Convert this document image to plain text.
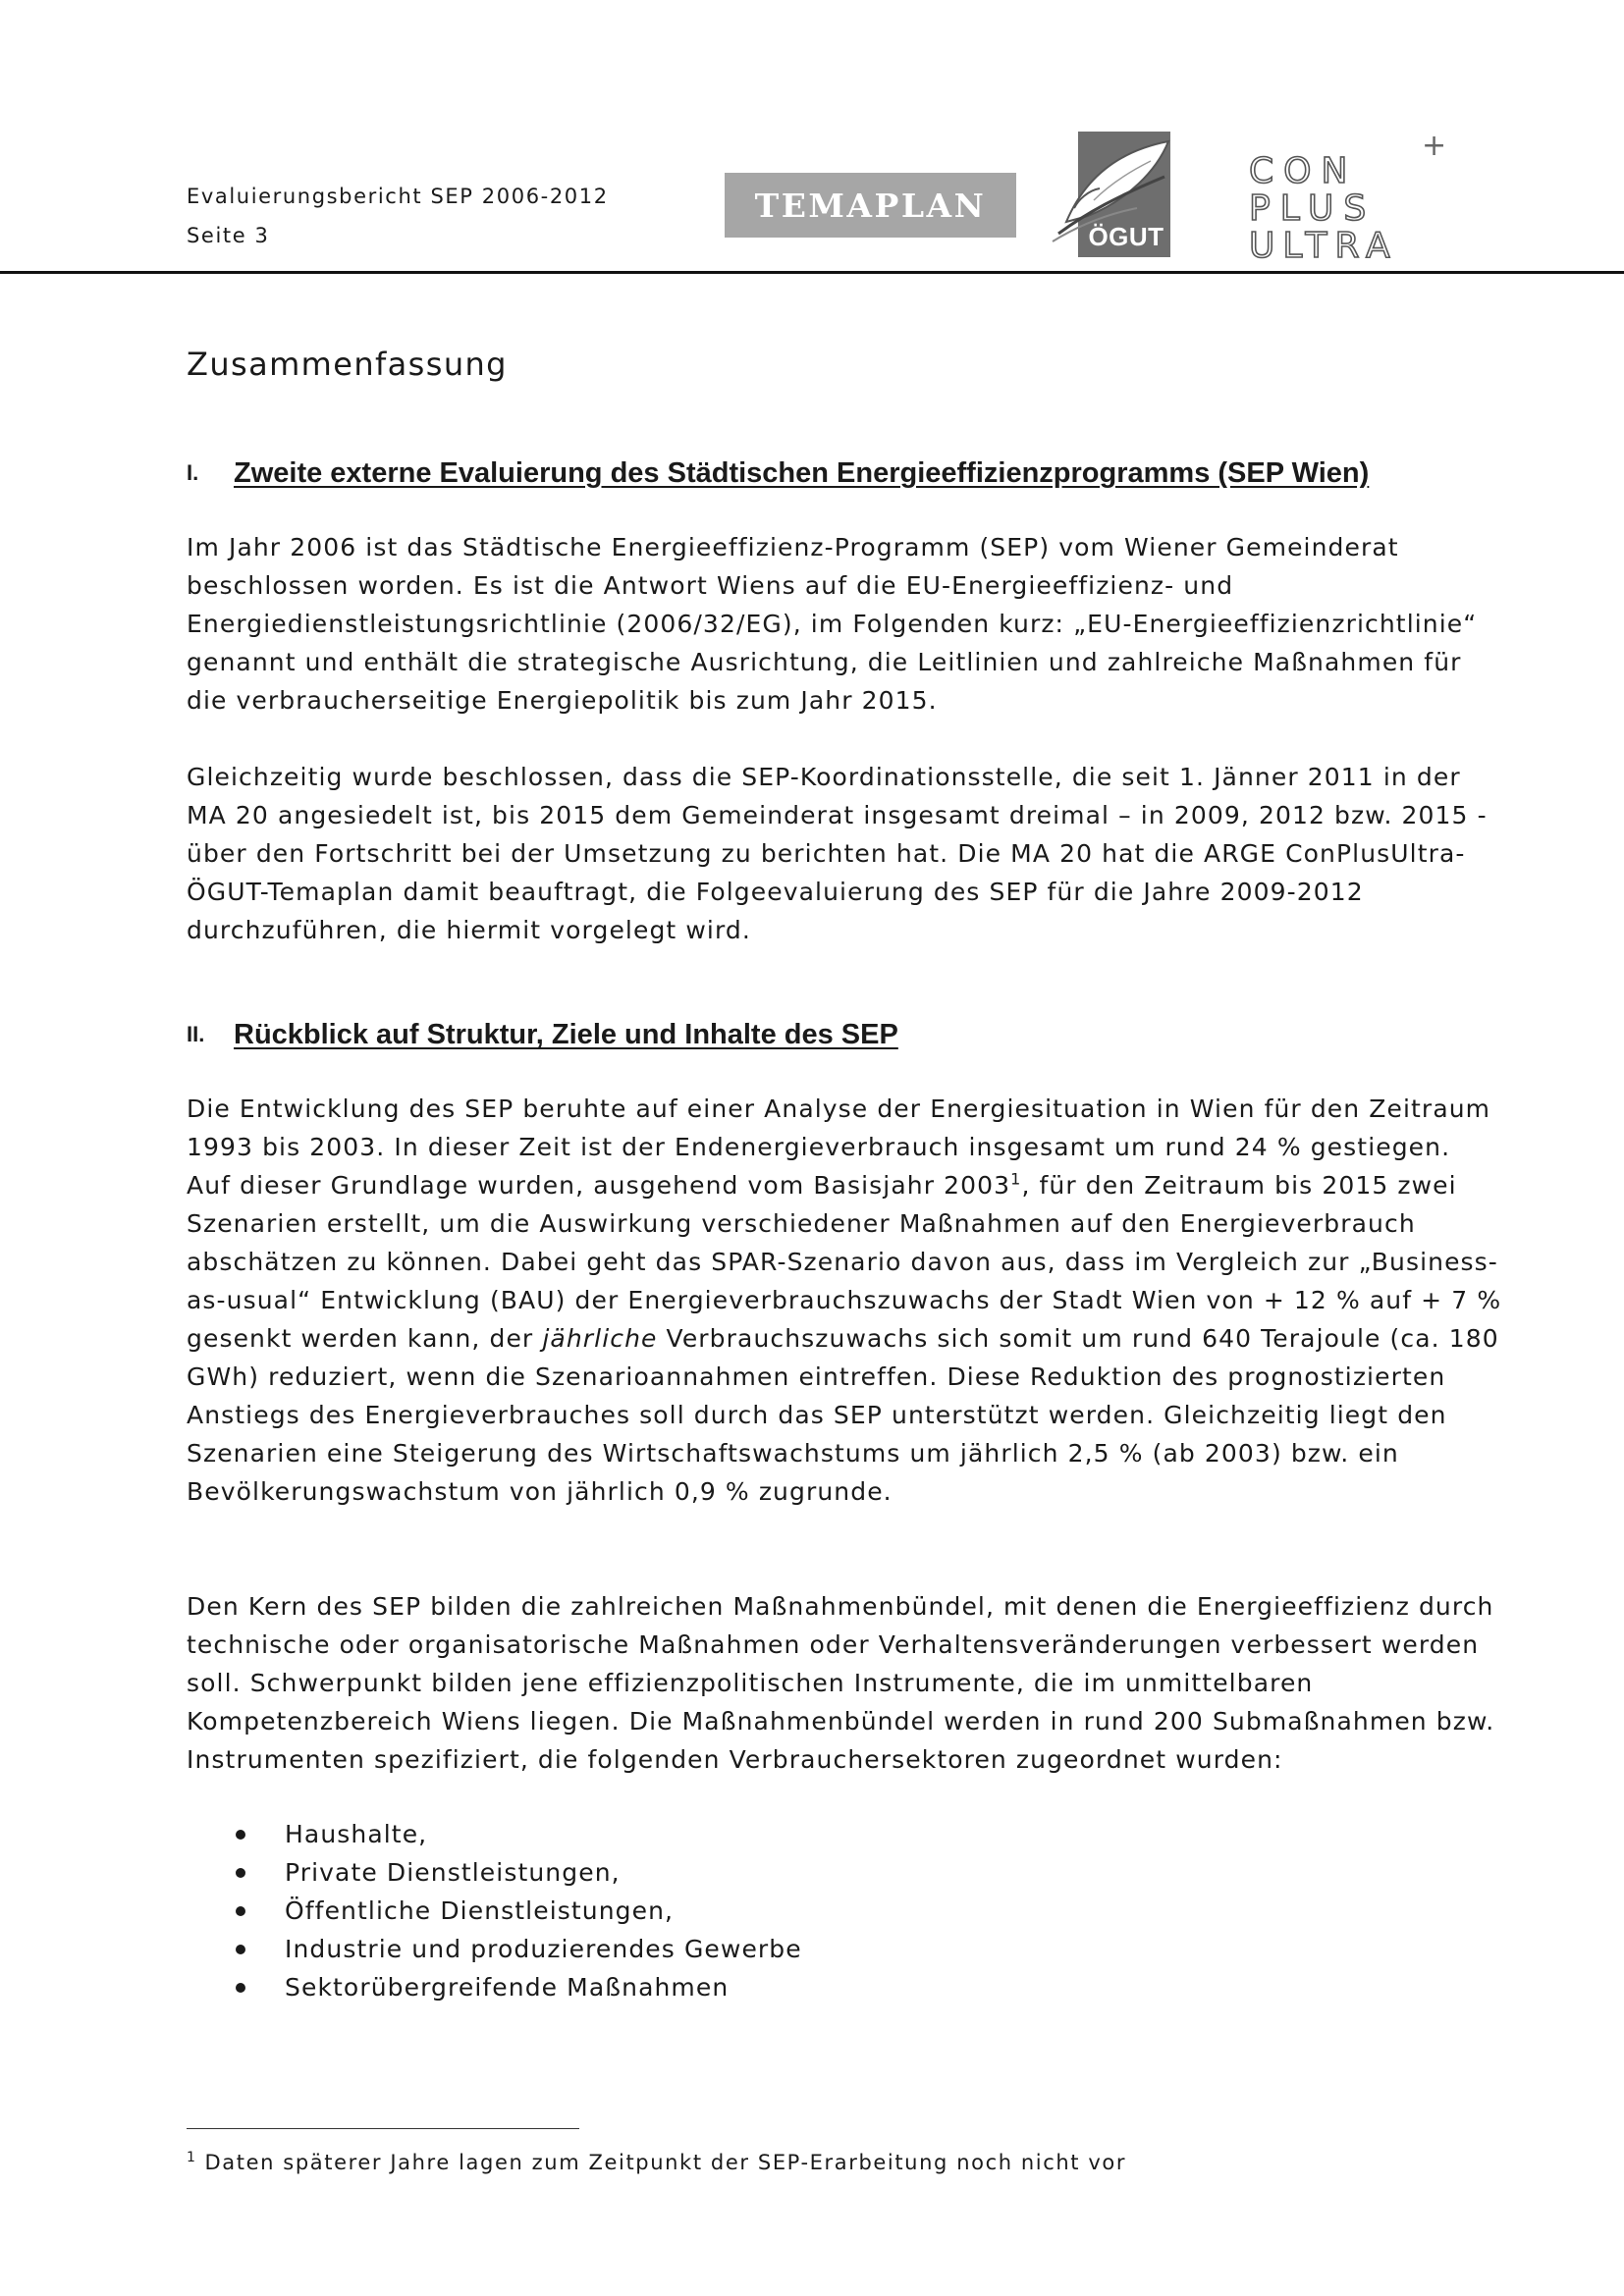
Evaluierungsbericht SEP 2006-2012
Seite 3
TEMAPLAN
ÖGUT
+
CON
PLUS
ULTRA
Zusammenfassung
I. Zweite externe Evaluierung des Städtischen Energieeffizienzprogramms (SEP Wien)

Im Jahr 2006 ist das Städtische Energieeffizienz-Programm (SEP) vom Wiener Gemeinderat beschlossen worden. Es ist die Antwort Wiens auf die EU-Energieeffizienz- und Energiedienstleistungsrichtlinie (2006/32/EG), im Folgenden kurz: „EU-Energieeffizienzrichtlinie“ genannt und enthält die strategische Ausrichtung, die Leitlinien und zahlreiche Maßnahmen für die verbraucherseitige Energiepolitik bis zum Jahr 2015.

Gleichzeitig wurde beschlossen, dass die SEP-Koordinationsstelle, die seit 1. Jänner 2011 in der MA 20 angesiedelt ist, bis 2015 dem Gemeinderat insgesamt dreimal – in 2009, 2012 bzw. 2015 - über den Fortschritt bei der Umsetzung zu berichten hat. Die MA 20 hat die ARGE ConPlusUltra-ÖGUT-Temaplan damit beauftragt, die Folgeevaluierung des SEP für die Jahre 2009-2012 durchzuführen, die hiermit vorgelegt wird.

II. Rückblick auf Struktur, Ziele und Inhalte des SEP

Die Entwicklung des SEP beruhte auf einer Analyse der Energiesituation in Wien für den Zeitraum 1993 bis 2003. In dieser Zeit ist der Endenergieverbrauch insgesamt um rund 24 % gestiegen. Auf dieser Grundlage wurden, ausgehend vom Basisjahr 2003$^1$, für den Zeitraum bis 2015 zwei Szenarien erstellt, um die Auswirkung verschiedener Maßnahmen auf den Energieverbrauch abschätzen zu können. Dabei geht das SPAR-Szenario davon aus, dass im Vergleich zur „Business-as-usual“ Entwicklung (BAU) der Energieverbrauchszuwachs der Stadt Wien von + 12 % auf + 7 % gesenkt werden kann, der jährliche Verbrauchszuwachs sich somit um rund 640 Terajoule (ca. 180 GWh) reduziert, wenn die Szenarioannahmen eintreffen. Diese Reduktion des prognostizierten Anstiegs des Energieverbrauches soll durch das SEP unterstützt werden. Gleichzeitig liegt den Szenarien eine Steigerung des Wirtschaftswachstums um jährlich 2,5 % (ab 2003) bzw. ein Bevölkerungswachstum von jährlich 0,9 % zugrunde.

Den Kern des SEP bilden die zahlreichen Maßnahmenbündel, mit denen die Energieeffizienz durch technische oder organisatorische Maßnahmen oder Verhaltensveränderungen verbessert werden soll. Schwerpunkt bilden jene effizienzpolitischen Instrumente, die im unmittelbaren Kompetenzbereich Wiens liegen. Die Maßnahmenbündel werden in rund 200 Submaßnahmen bzw. Instrumenten spezifiziert, die folgenden Verbrauchersektoren zugeordnet wurden:

Haushalte,
Private Dienstleistungen,
Öffentliche Dienstleistungen,
Industrie und produzierendes Gewerbe
Sektorübergreifende Maßnahmen
$^1$ Daten späterer Jahre lagen zum Zeitpunkt der SEP-Erarbeitung noch nicht vor
